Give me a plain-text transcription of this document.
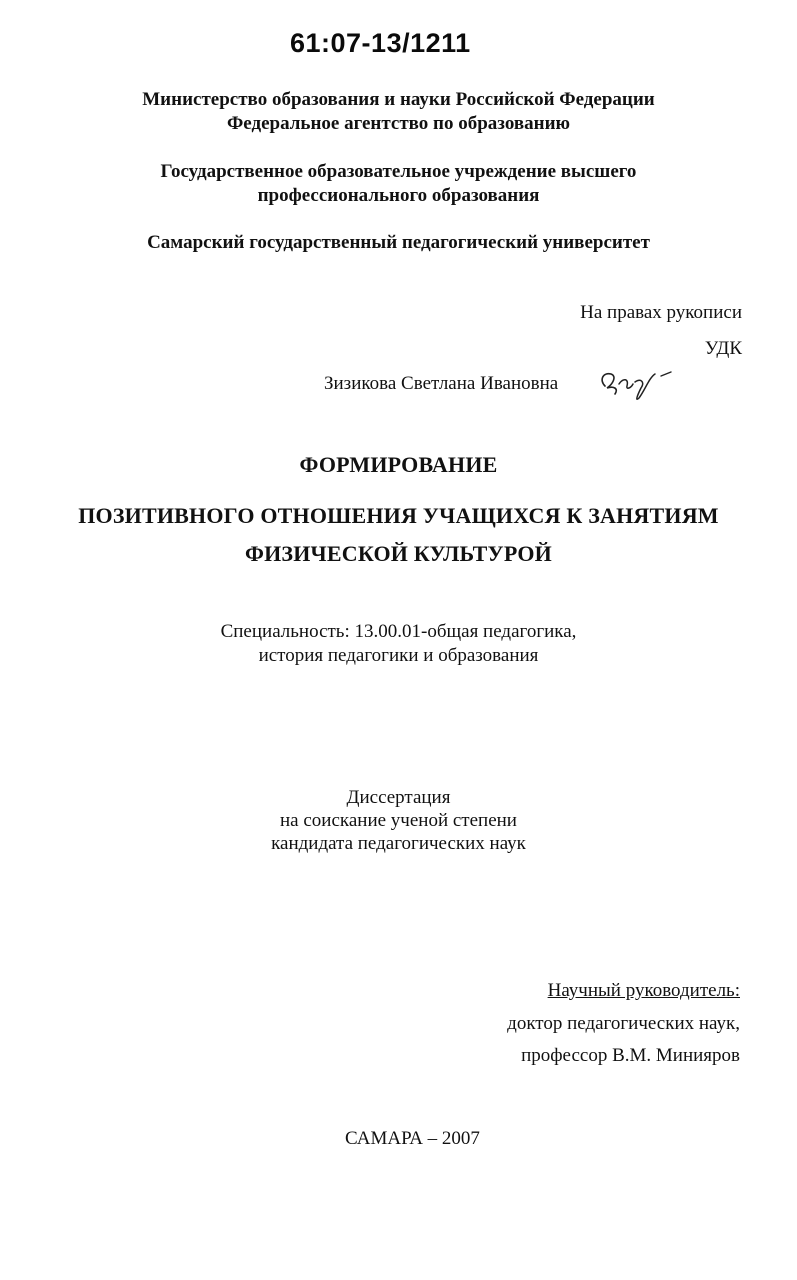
61:07-13/1211
Министерство образования и науки Российской Федерации
Федеральное агентство по образованию
Государственное образовательное учреждение высшего
профессионального образования
Самарский государственный педагогический университет
На правах рукописи
УДК
Зизикова Светлана Ивановна
ФОРМИРОВАНИЕ
ПОЗИТИВНОГО ОТНОШЕНИЯ УЧАЩИХСЯ К ЗАНЯТИЯМ
ФИЗИЧЕСКОЙ КУЛЬТУРОЙ
Специальность: 13.00.01-общая педагогика,
история педагогики и образования
Диссертация
на соискание ученой степени
кандидата педагогических наук
Научный руководитель:
доктор педагогических наук,
профессор В.М. Минияров
САМАРА – 2007
